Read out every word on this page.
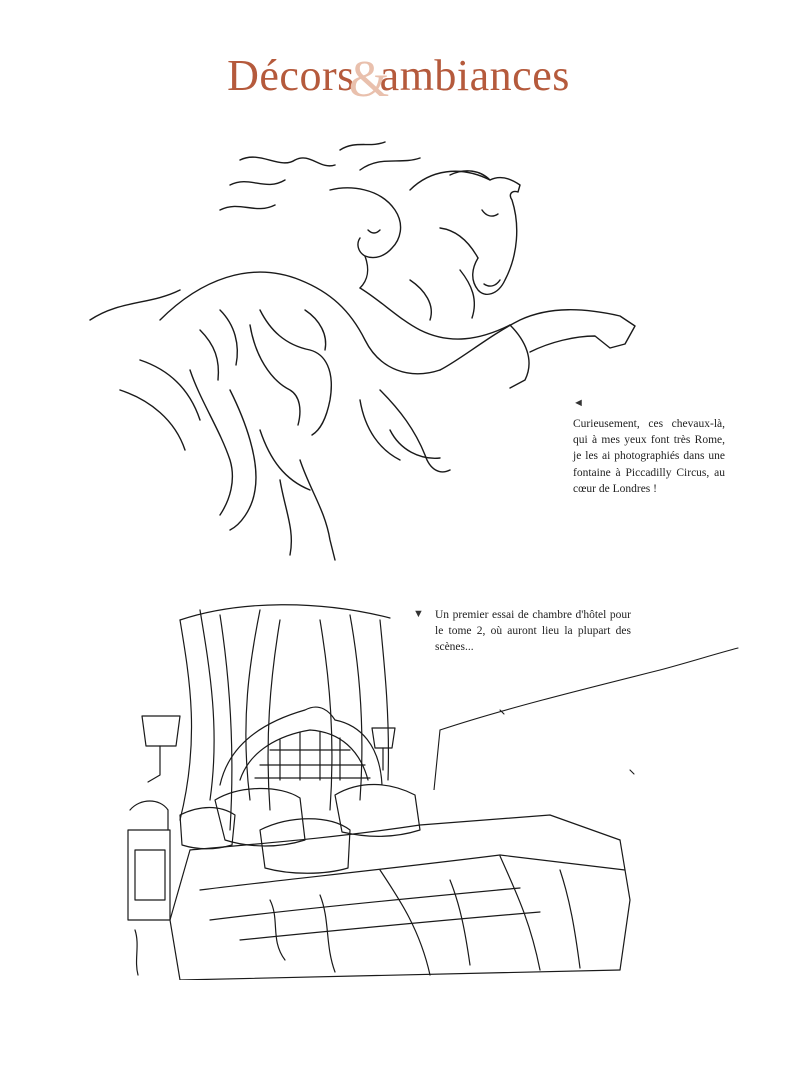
Décors&ambiances
◄
Curieusement, ces chevaux-là, qui à mes yeux font très Rome, je les ai photographiés dans une fontaine à Piccadilly Circus, au cœur de Londres !
▼ Un premier essai de chambre d'hôtel pour le tome 2, où auront lieu la plupart des scènes...
